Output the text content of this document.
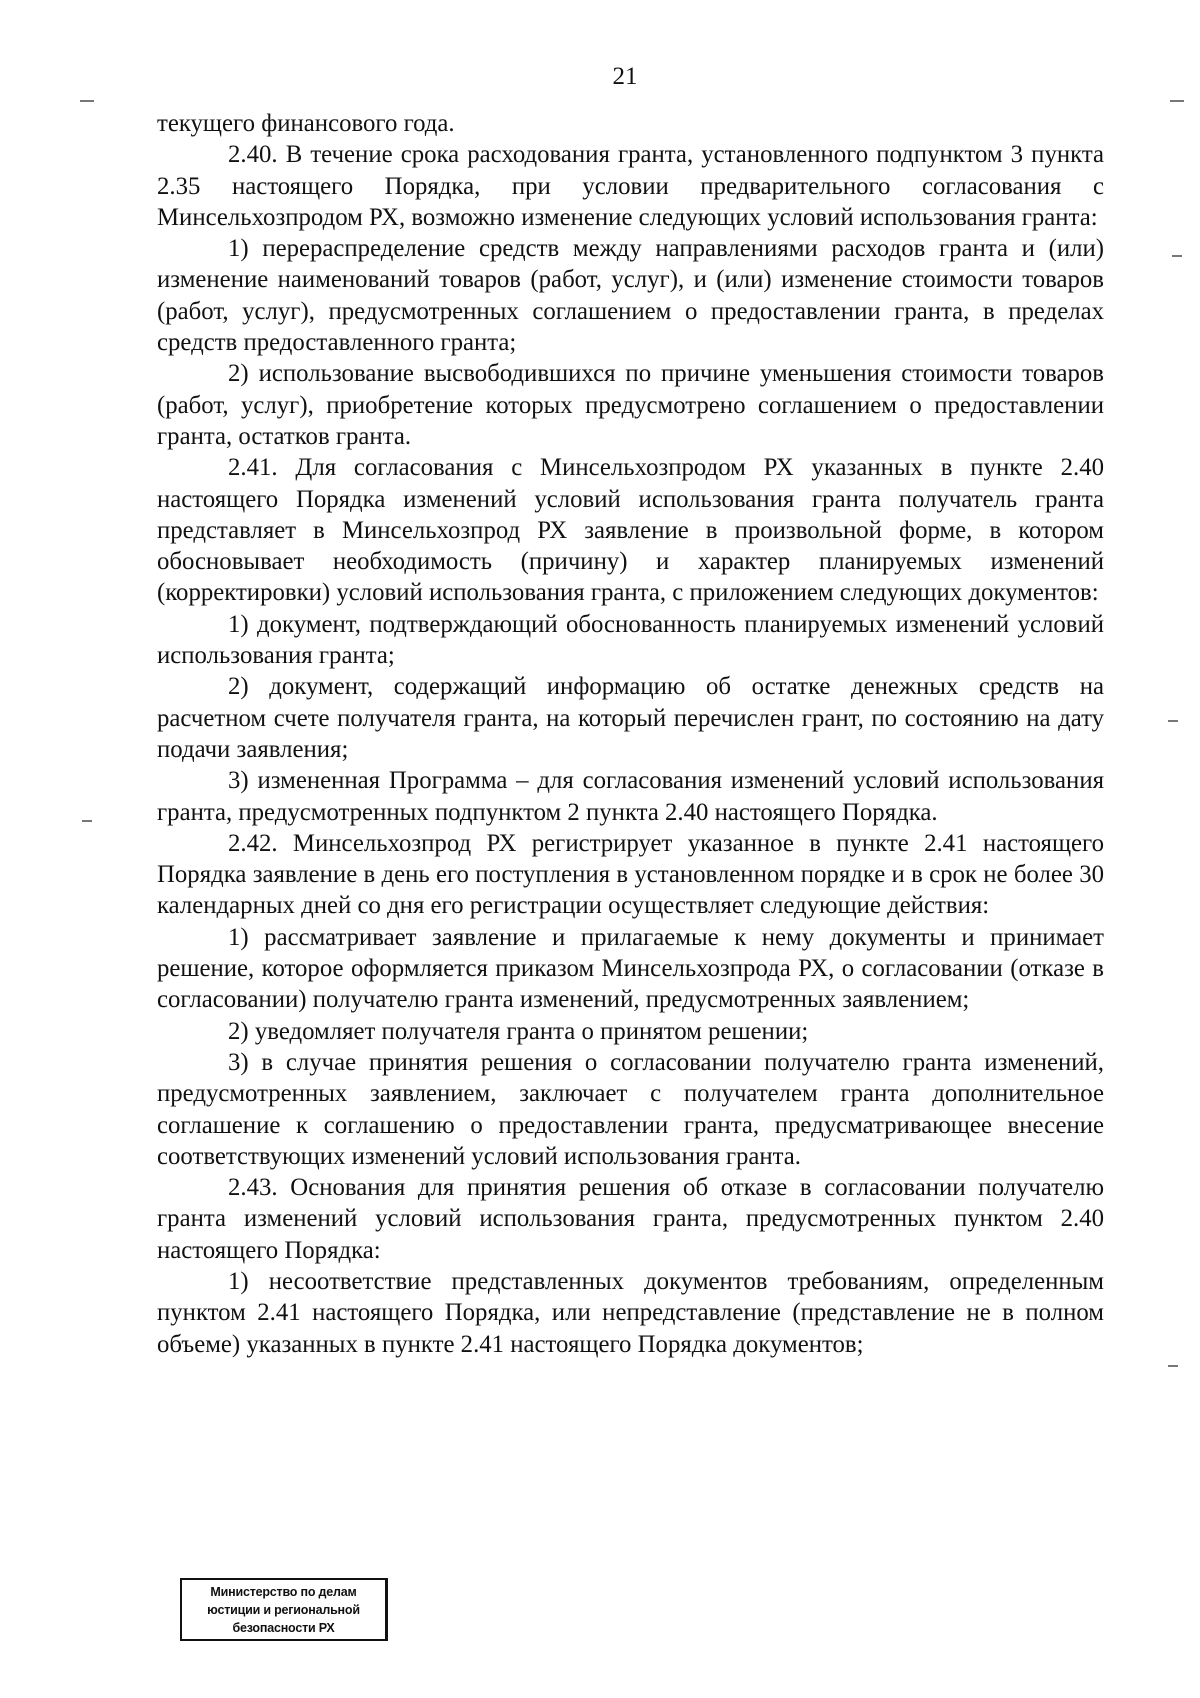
21

текущего финансового года.

2.40. В течение срока расходования гранта, установленного подпунктом 3 пункта 2.35 настоящего Порядка, при условии предварительного согласования с Минсельхозпродом РХ, возможно изменение следующих условий использования гранта:

1) перераспределение средств между направлениями расходов гранта и (или) изменение наименований товаров (работ, услуг), и (или) изменение стоимости товаров (работ, услуг), предусмотренных соглашением о предоставлении гранта, в пределах средств предоставленного гранта;

2) использование высвободившихся по причине уменьшения стоимости товаров (работ, услуг), приобретение которых предусмотрено соглашением о предоставлении гранта, остатков гранта.

2.41. Для согласования с Минсельхозпродом РХ указанных в пункте 2.40 настоящего Порядка изменений условий использования гранта получатель гранта представляет в Минсельхозпрод РХ заявление в произвольной форме, в котором обосновывает необходимость (причину) и характер планируемых изменений (корректировки) условий использования гранта, с приложением следующих документов:

1) документ, подтверждающий обоснованность планируемых изменений условий использования гранта;

2) документ, содержащий информацию об остатке денежных средств на расчетном счете получателя гранта, на который перечислен грант, по состоянию на дату подачи заявления;

3) измененная Программа – для согласования изменений условий использования гранта, предусмотренных подпунктом 2 пункта 2.40 настоящего Порядка.

2.42. Минсельхозпрод РХ регистрирует указанное в пункте 2.41 настоящего Порядка заявление в день его поступления в установленном порядке и в срок не более 30 календарных дней со дня его регистрации осуществляет следующие действия:

1) рассматривает заявление и прилагаемые к нему документы и принимает решение, которое оформляется приказом Минсельхозпрода РХ, о согласовании (отказе в согласовании) получателю гранта изменений, предусмотренных заявлением;

2) уведомляет получателя гранта о принятом решении;

3) в случае принятия решения о согласовании получателю гранта изменений, предусмотренных заявлением, заключает с получателем гранта дополнительное соглашение к соглашению о предоставлении гранта, предусматривающее внесение соответствующих изменений условий использования гранта.

2.43. Основания для принятия решения об отказе в согласовании получателю гранта изменений условий использования гранта, предусмотренных пунктом 2.40 настоящего Порядка:

1) несоответствие представленных документов требованиям, определенным пунктом 2.41 настоящего Порядка, или непредставление (представление не в полном объеме) указанных в пункте 2.41 настоящего Порядка документов;

Министерство по делам
юстиции и региональной
безопасности РХ
